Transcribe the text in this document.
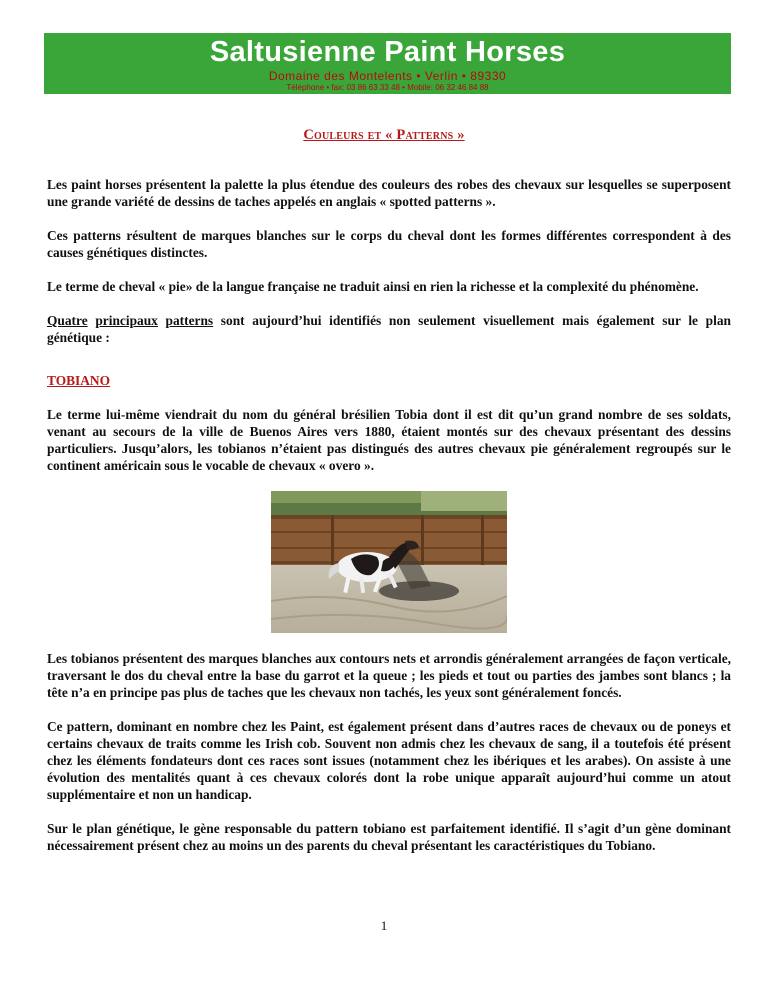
Saltusienne Paint Horses
Domaine des Montelents • Verlin • 89330
Téléphone • fax: 03 86 63 33 48 • Mobile: 06 32 46 84 88
Couleurs et « Patterns »

Les paint horses présentent la palette la plus étendue des couleurs des robes des chevaux sur lesquelles se superposent une grande variété de dessins de taches appelés en anglais « spotted patterns ».

Ces patterns résultent de marques blanches sur le corps du cheval dont les formes différentes correspondent à des causes génétiques distinctes.

Le terme de cheval « pie» de la langue française ne traduit ainsi en rien la richesse et la complexité du phénomène.

Quatre principaux patterns sont aujourd’hui identifiés non seulement visuellement mais également sur le plan génétique :

TOBIANO

Le terme lui-même viendrait du nom du général brésilien Tobia dont il est dit qu’un grand nombre de ses soldats, venant au secours de la ville de Buenos Aires vers 1880, étaient montés sur des chevaux présentant des dessins particuliers. Jusqu’alors, les tobianos n’étaient pas distingués des autres chevaux pie généralement regroupés sur le continent américain sous le vocable de chevaux « overo ».

Les tobianos présentent des marques blanches aux contours nets et arrondis généralement arrangées de façon verticale, traversant le dos du cheval entre la base du garrot et la queue ; les pieds et tout ou parties des jambes sont blancs ; la tête n’a en principe pas plus de taches que les chevaux non tachés, les yeux sont généralement foncés.

Ce pattern, dominant en nombre chez les Paint, est également présent dans d’autres races de chevaux ou de poneys et certains chevaux de traits comme les Irish cob. Souvent non admis chez les chevaux de sang, il a toutefois été présent chez les éléments fondateurs dont ces races sont issues (notamment chez les ibériques et les arabes). On assiste à une évolution des mentalités quant à ces chevaux colorés dont la robe unique apparaît aujourd’hui comme un atout supplémentaire et non un handicap.

Sur le plan génétique, le gène responsable du pattern tobiano est parfaitement identifié. Il s’agit d’un gène dominant nécessairement présent chez au moins un des parents du cheval présentant les caractéristiques du Tobiano.

1
